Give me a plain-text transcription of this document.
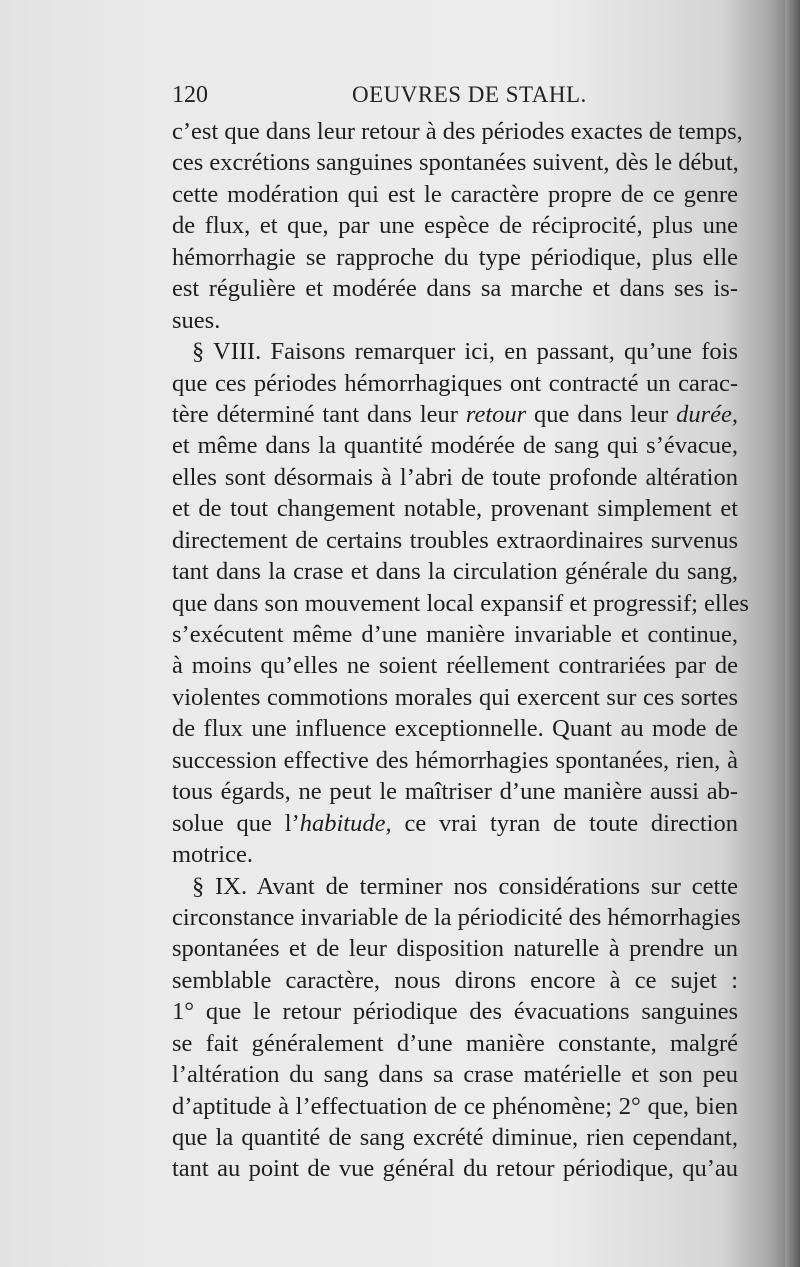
120	OEUVRES DE STAHL.
c’est que dans leur retour à des périodes exactes de temps,
ces excrétions sanguines spontanées suivent, dès le début,
cette modération qui est le caractère propre de ce genre
de flux, et que, par une espèce de réciprocité, plus une
hémorrhagie se rapproche du type périodique, plus elle
est régulière et modérée dans sa marche et dans ses is-
sues.
§ VIII. Faisons remarquer ici, en passant, qu’une fois
que ces périodes hémorrhagiques ont contracté un carac-
tère déterminé tant dans leur retour que dans leur durée,
et même dans la quantité modérée de sang qui s’évacue,
elles sont désormais à l’abri de toute profonde altération
et de tout changement notable, provenant simplement et
directement de certains troubles extraordinaires survenus
tant dans la crase et dans la circulation générale du sang,
que dans son mouvement local expansif et progressif; elles
s’exécutent même d’une manière invariable et continue,
à moins qu’elles ne soient réellement contrariées par de
violentes commotions morales qui exercent sur ces sortes
de flux une influence exceptionnelle. Quant au mode de
succession effective des hémorrhagies spontanées, rien, à
tous égards, ne peut le maîtriser d’une manière aussi ab-
solue que l’habitude, ce vrai tyran de toute direction
motrice.
§ IX. Avant de terminer nos considérations sur cette
circonstance invariable de la périodicité des hémorrhagies
spontanées et de leur disposition naturelle à prendre un
semblable caractère, nous dirons encore à ce sujet :
1° que le retour périodique des évacuations sanguines
se fait généralement d’une manière constante, malgré
l’altération du sang dans sa crase matérielle et son peu
d’aptitude à l’effectuation de ce phénomène; 2° que, bien
que la quantité de sang excrété diminue, rien cependant,
tant au point de vue général du retour périodique, qu’au
